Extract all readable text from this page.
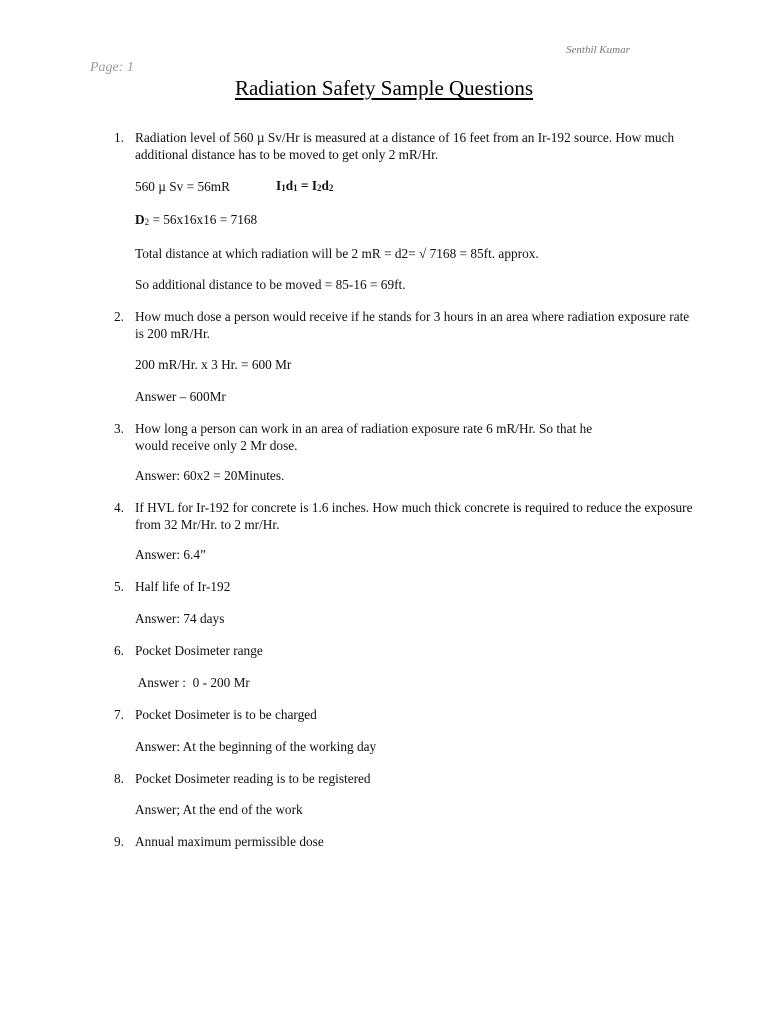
Senthil Kumar
Page: 1
Radiation Safety Sample Questions
1. Radiation level of 560 µ Sv/Hr is measured at a distance of 16 feet from an Ir-192 source. How much additional distance has to be moved to get only 2 mR/Hr.
560 µ Sv = 56mR	$I_1d_1 = I_2d_2$
$D_2 = 56x16x16 = 7168$
Total distance at which radiation will be 2 mR = d2= √ 7168 = 85ft. approx.
So additional distance to be moved = 85-16 = 69ft.
2. How much dose a person would receive if he stands for 3 hours in an area where radiation exposure rate is 200 mR/Hr.
200 mR/Hr. x 3 Hr. = 600 Mr
Answer – 600Mr
3. How long a person can work in an area of radiation exposure rate 6 mR/Hr. So that he would receive only 2 Mr dose.
Answer: 60x2 = 20Minutes.
4. If HVL for Ir-192 for concrete is 1.6 inches. How much thick concrete is required to reduce the exposure from 32 Mr/Hr. to 2 mr/Hr.
Answer: 6.4”
5. Half life of Ir-192
Answer: 74 days
6. Pocket Dosimeter range
Answer :  0 - 200 Mr
7. Pocket Dosimeter is to be charged
Answer: At the beginning of the working day
8. Pocket Dosimeter reading is to be registered
Answer; At the end of the work
9. Annual maximum permissible dose
